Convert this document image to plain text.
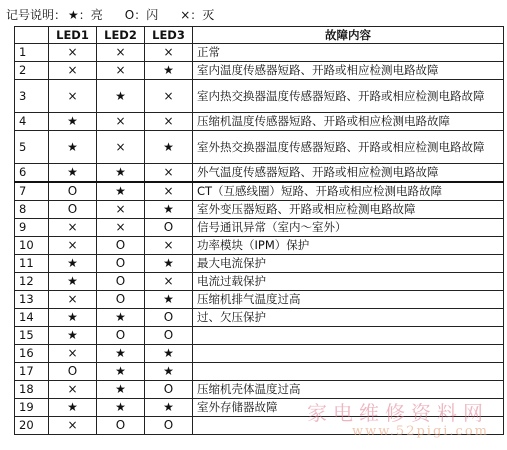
记号说明： ★：亮 O：闪 ×：灭
	LED1	LED2	LED3	故障内容
1	×	×	×	正常
2	×	×	★	室内温度传感器短路、开路或相应检测电路故障
3	×	★	×	室内热交换器温度传感器短路、开路或相应检测电路故障
4	★	×	×	压缩机温度传感器短路、开路或相应检测电路故障
5	★	×	★	室外热交换器温度传感器短路、开路或相应检测电路故障
6	★	★	×	外气温度传感器短路、开路或相应检测电路故障
7	O	★	×	CT（互感线圈）短路、开路或相应检测电路故障
8	O	×	★	室外变压器短路、开路或相应检测电路故障
9	×	×	O	信号通讯异常（室内～室外）
10	×	O	×	功率模块（IPM）保护
11	★	O	★	最大电流保护
12	★	O	×	电流过载保护
13	×	O	★	压缩机排气温度过高
14	★	★	O	过、欠压保护
15	★	O	O	
16	×	★	★	
17	O	★	★	
18	×	★	O	压缩机壳体温度过高
19	★	★	★	室外存储器故障
20	×	O	O		家电维修资料网
www.52pigi.com
